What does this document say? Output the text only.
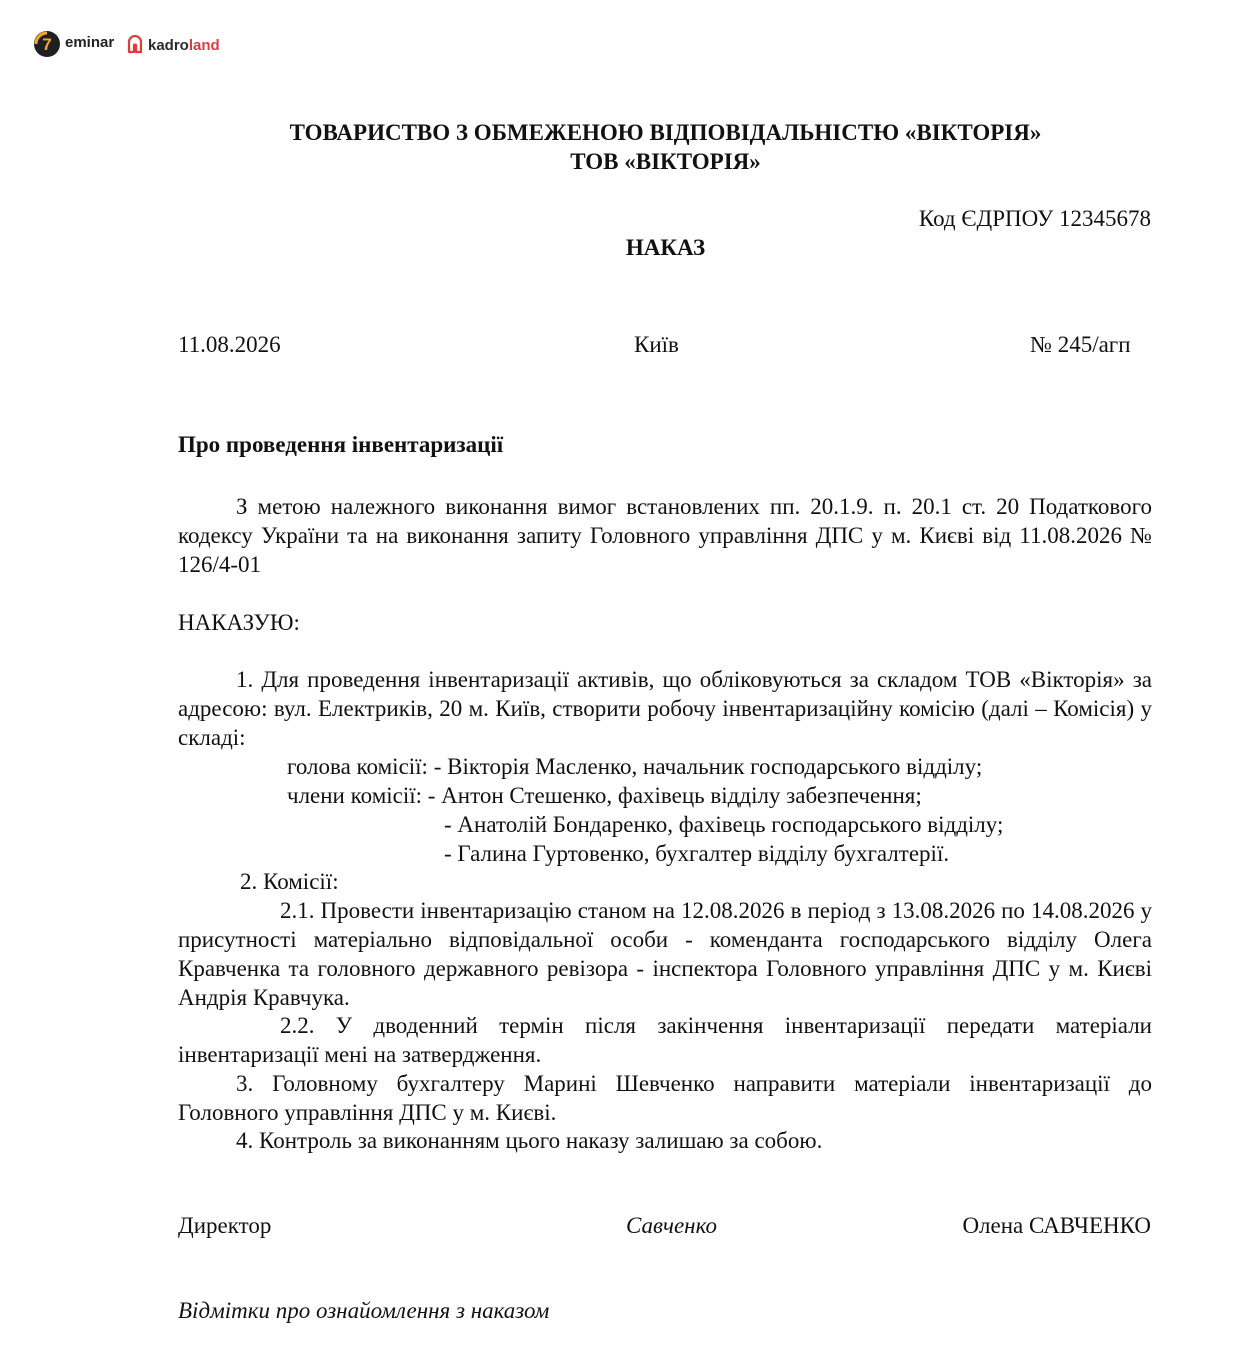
7 eminar kadroland
ТОВАРИСТВО З ОБМЕЖЕНОЮ ВІДПОВІДАЛЬНІСТЮ «ВІКТОРІЯ»
ТОВ «ВІКТОРІЯ»
Код ЄДРПОУ 12345678
НАКАЗ
11.08.2026	Київ	№ 245/агп
Про проведення інвентаризації
З метою належного виконання вимог встановлених пп. 20.1.9. п. 20.1 ст. 20 Податкового кодексу України та на виконання запиту Головного управління ДПС у м. Києві від 11.08.2026 № 126/4-01
НАКАЗУЮ:
1. Для проведення інвентаризації активів, що обліковуються за складом ТОВ «Вікторія» за адресою: вул. Електриків, 20 м. Київ, створити робочу інвентаризаційну комісію (далі – Комісія) у складі:
голова комісії: - Вікторія Масленко, начальник господарського відділу;
члени комісії: - Антон Стешенко, фахівець відділу забезпечення;
- Анатолій Бондаренко, фахівець господарського відділу;
- Галина Гуртовенко, бухгалтер відділу бухгалтерії.
2. Комісії:
2.1. Провести інвентаризацію станом на 12.08.2026 в період з 13.08.2026 по 14.08.2026 у присутності матеріально відповідальної особи - коменданта господарського відділу Олега Кравченка та головного державного ревізора - інспектора Головного управління ДПС у м. Києві Андрія Кравчука.
2.2. У дводенний термін після закінчення інвентаризації передати матеріали інвентаризації мені на затвердження.
3. Головному бухгалтеру Марині Шевченко направити матеріали інвентаризації до Головного управління ДПС у м. Києві.
4. Контроль за виконанням цього наказу залишаю за собою.
Директор	Савченко	Олена САВЧЕНКО
Відмітки про ознайомлення з наказом
